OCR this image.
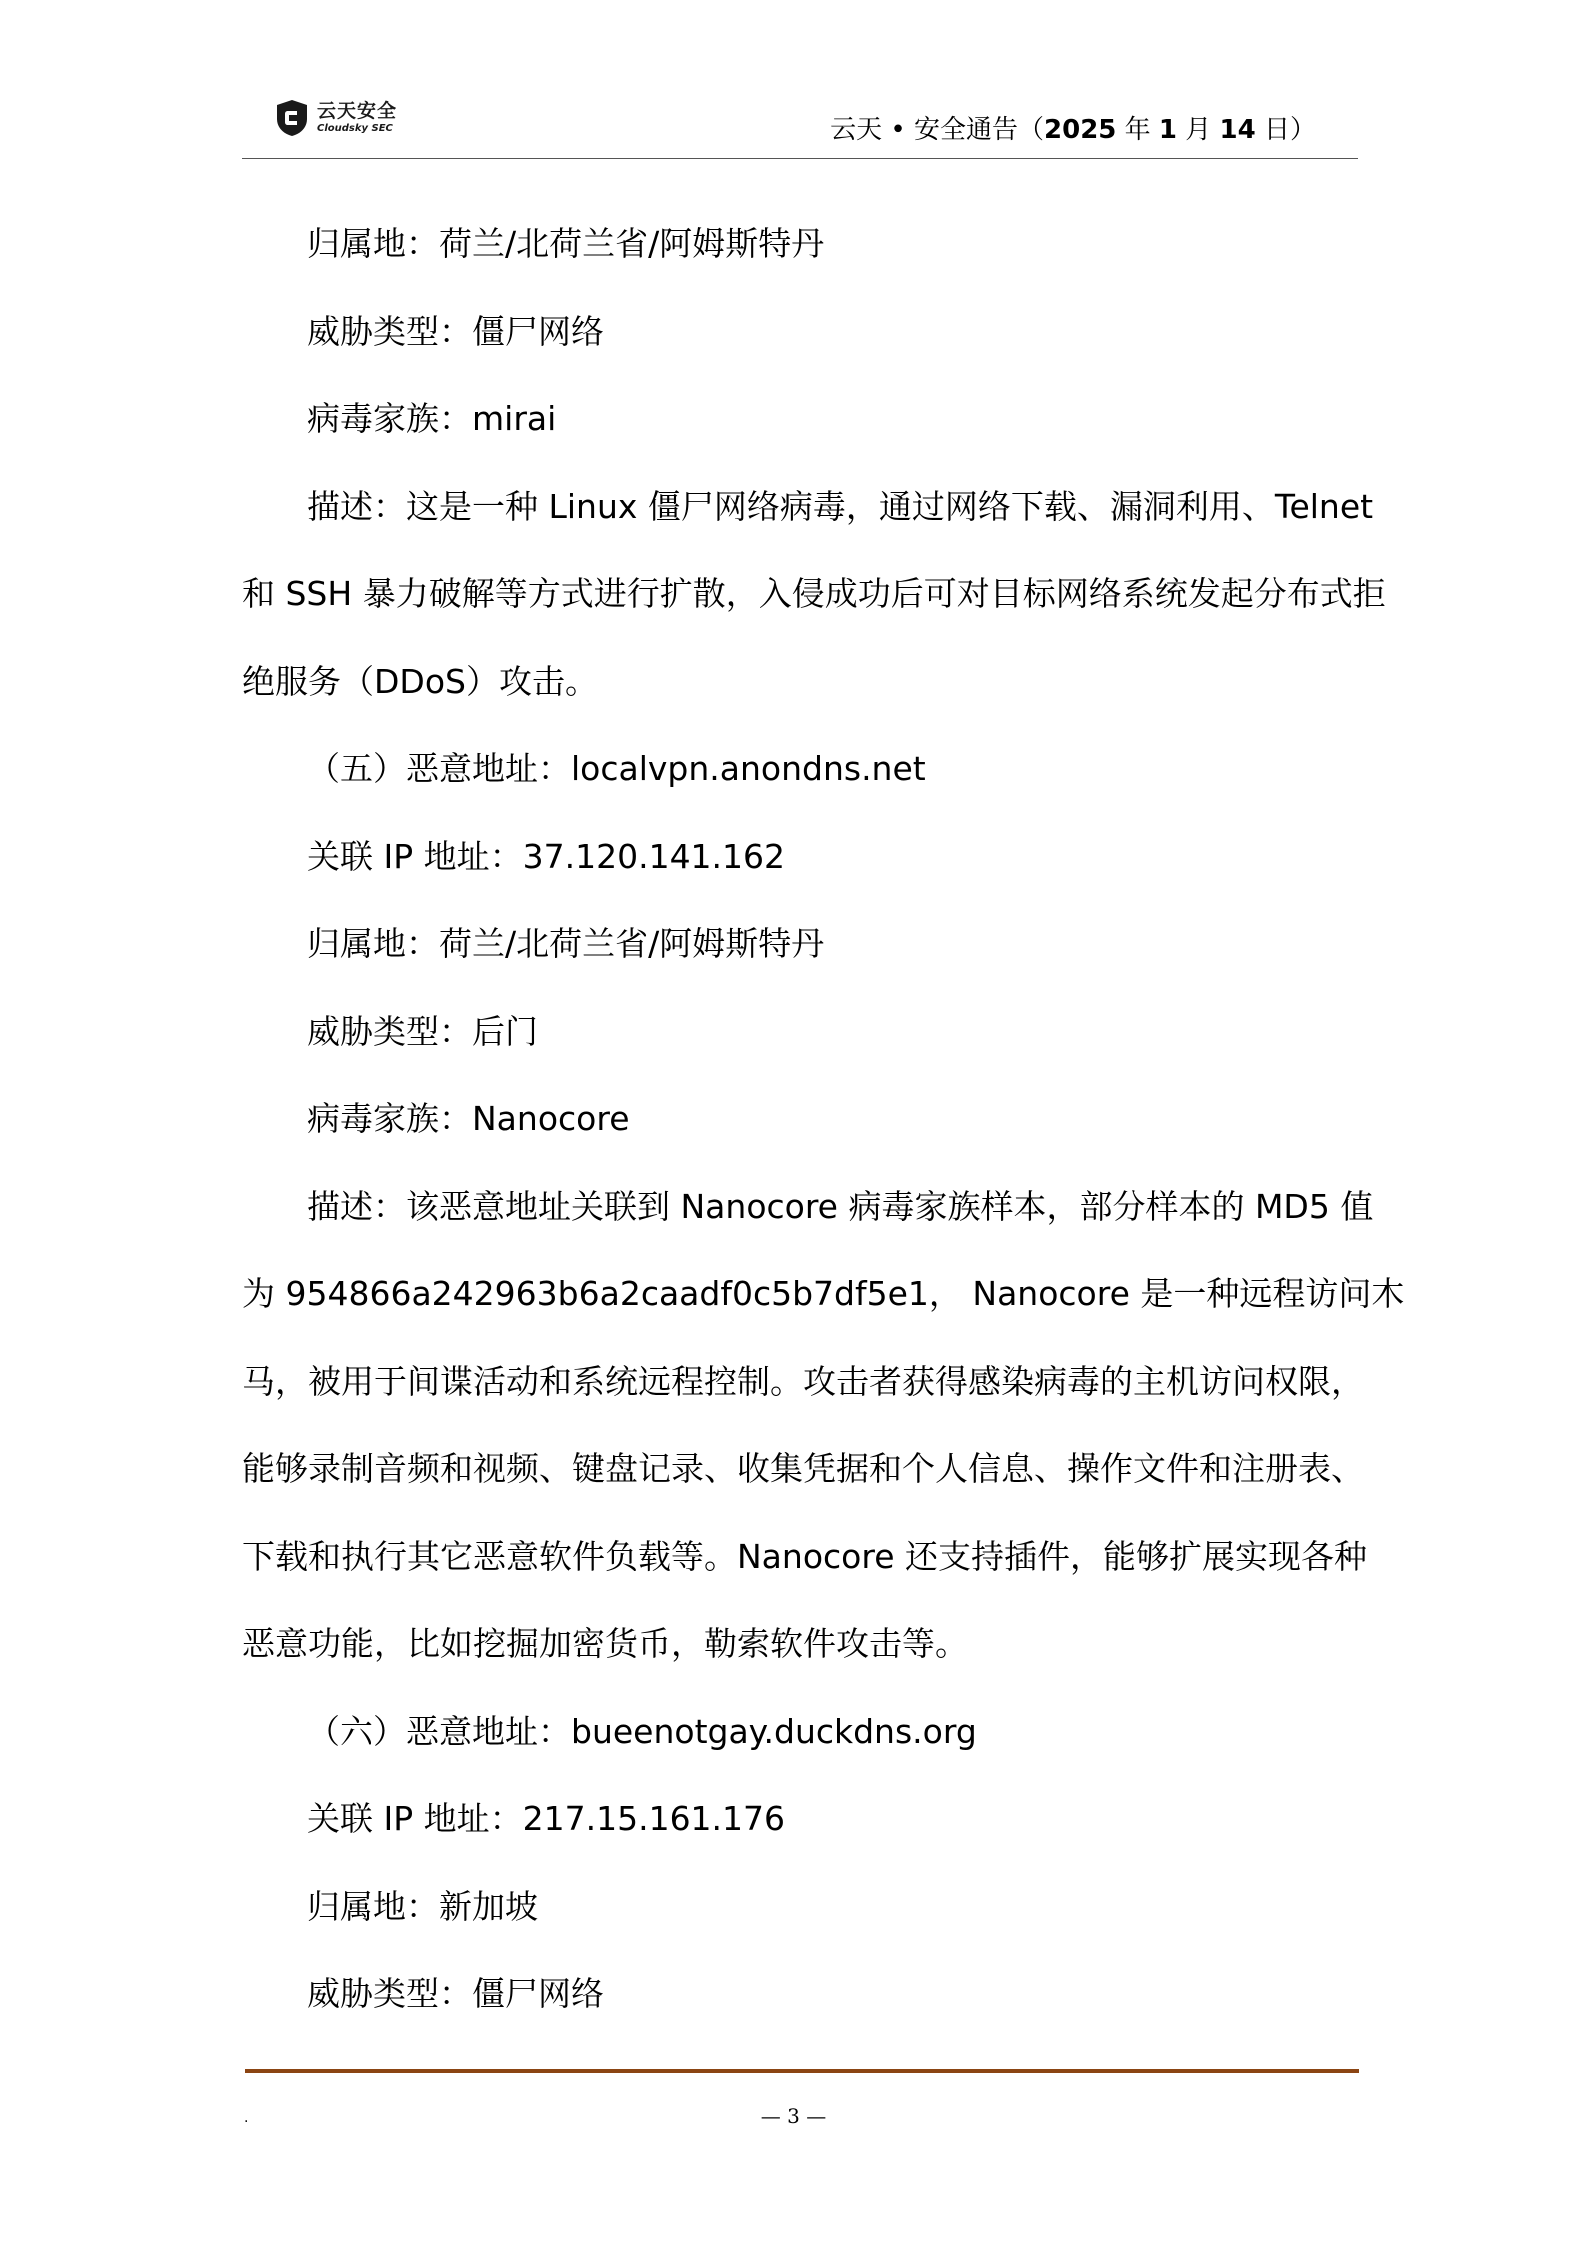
云天安全
Cloudsky SEC	云天 • 安全通告（2025 年 1 月 14 日）

归属地：荷兰/北荷兰省/阿姆斯特丹

威胁类型：僵尸网络

病毒家族：mirai

描述：这是一种 Linux 僵尸网络病毒，通过网络下载、漏洞利用、Telnet

和 SSH 暴力破解等方式进行扩散，入侵成功后可对目标网络系统发起分布式拒

绝服务（DDoS）攻击。

（五）恶意地址：localvpn.anondns.net

关联 IP 地址：37.120.141.162

归属地：荷兰/北荷兰省/阿姆斯特丹

威胁类型：后门

病毒家族：Nanocore

描述：该恶意地址关联到 Nanocore 病毒家族样本，部分样本的 MD5 值

为 954866a242963b6a2caadf0c5b7df5e1， Nanocore 是一种远程访问木

马，被用于间谍活动和系统远程控制。攻击者获得感染病毒的主机访问权限，

能够录制音频和视频、键盘记录、收集凭据和个人信息、操作文件和注册表、

下载和执行其它恶意软件负载等。Nanocore 还支持插件，能够扩展实现各种

恶意功能，比如挖掘加密货币，勒索软件攻击等。

（六）恶意地址：bueenotgay.duckdns.org

关联 IP 地址：217.15.161.176

归属地：新加坡

威胁类型：僵尸网络

.	— 3 —
